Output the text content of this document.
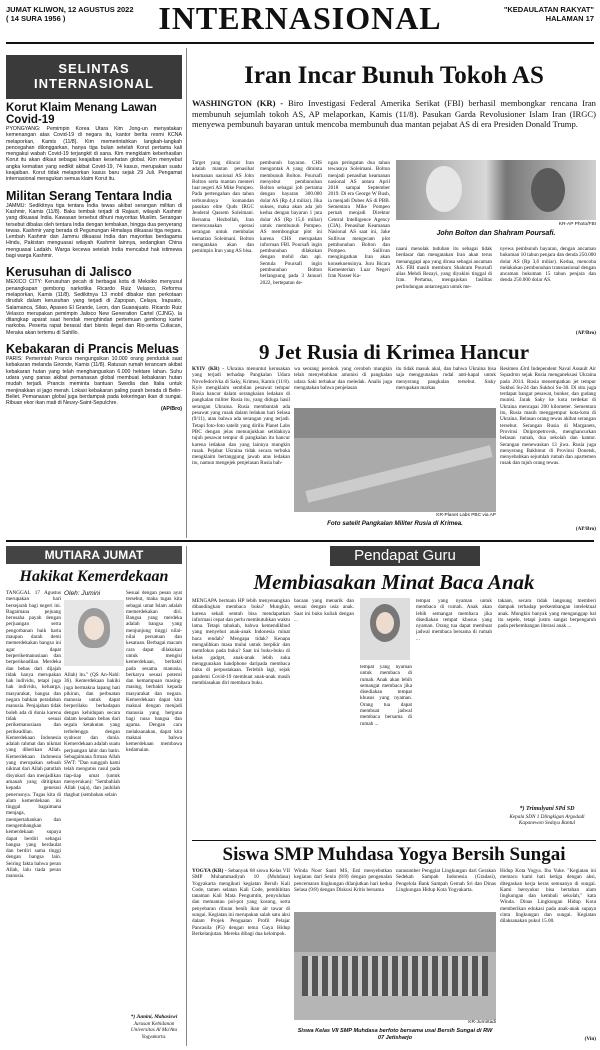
JUMAT KLIWON, 12 AGUSTUS 2022
( 14 SURA 1956 )	INTERNASIONAL	"KEDAULATAN RAKYAT"
HALAMAN 17
SELINTAS
INTERNASIONAL
Korut Klaim Menang Lawan Covid-19
PYONGYANG: Pemimpin Korea Utara Kim Jong-un menyatakan kemenangan atas Covid-19 di negara itu, kantor berita resmi KCNA melaporkan, Kamis (11/8). Kim memerintahkan langkah-langkah pencegahan dilonggarkan, hanya tiga bulan setelah Korut pertama kali mengakui wabah Covid-19 terjangkit di sana. Kim mengklaim keberhasilan Korut itu akan dikaui sebagai keajaiban kesehatan global. Kim menyebut angka kematian yang sedikit akibat Covid-19, 74 kasus, merupakan suatu keajaiban. Korut tidak melaporkan kasus baru sejak 29 Juli. Pengamat internasional meragukan semua klaim Korut itu.
Militan Serang Tentara India
JAMMU: Sedikitnya tiga tentara India tewas akibat serangan militan di Kashmir, Kamis (11/8). Baku tembak terjadi di Rajauri, wilayah Kashmir yang dikuasai India. Kawasan tersebut dihuni mayoritas Muslim. Serangan tersebut dibalas oleh tentara India dengan tembakan, hingga dua penyerang tewas. Kashmir yang berada di Pegunungan Himalaya dikuasai tiga negara. Lembah Kashmir dan Jammu dikuasai India dan mayoritas berdagama Hindu, Pakistan menguasai wilayah Kashmir lainnya, sedangkan China menguasai Ladakh. Warga kecewa setelah India mencabut hak istimewa bagi warga Kashmir.
Kerusuhan di Jalisco
MEXICO CITY: Kerusuhan pecah di berbagai kota di Meksiko menyusul penangkapan gembong narkotika Ricardo Ruiz Velasco, Reforma melaporkan, Kamis (11/8). Sedikitnya 13 mobil dibakar dan perkotaan diruduk dalam kerusuhan yang terjadi di Zapopan, Celaya, Irapuato, Salamanca, Silao, Apaseo El Grande, Leon, dan Guanajuato. Ricardo Ruiz Velasco merupakan pemimpin Jalisco New Generation Cartel (CJNG). Ia ditangkap aparat saat hendak menghindari pertemuan gembong kartel narkoba. Peserta rapat berasal dari bisnis ilegal dan Rio-serta Culiacan, Meraka akan tertemu di Sahillo.
Kebakaran di Prancis Meluas
PARIS: Pemerintah Prancis mengungsikan 10.000 orang penduduk saat kebakaran melanda Gironde, Kamis (11/8). Ratusan rumah terancam akibat kebakaran hutan yang telah menghanguskan 6.000 hektare lahan. Suhu udara yang panas akibat pemanasan global membuat kebakaran hutan mudah terjadi. Prancis meminta bantuan Swedia dan Italia untuk menjinakkan si jago merah. Lokasi kebakaran paling parah berada di Belin-Beliet. Pemanasan global juga berdampak pada kekeringan ikan di sungai. Ribuan ekor ikan mati di Neuvy-Saint-Sepulchre.
(AP/Bro)
Iran Incar Bunuh Tokoh AS
WASHINGTON (KR) - Biro Investigasi Federal Amerika Serikat (FBI) berhasil membongkar rencana Iran membunuh sejumlah tokoh AS, AP melaporkan, Kamis (11/8). Pasukan Garda Revolusioner Islam Iran (IRGC) menyewa pembunuh bayaran untuk mencoba membunuh dua mantan pejabat AS di era Presiden Donald Trump.
Target yang diincar Iran adalah mantan penasihat keamanan nasional AS John Bolton serta mantan menteri luar negeri AS Mike Pompeo. Pada pertengahan dan tahun terbunuhnya komandan pasukan elite Quds IRGC Jenderal Qassem Soleimani. Bersama Hezbollah, Iran merencanakan operasi serangan untuk membalas kematian Soleimani. Bolton mengatakan akan dan pemimpin Iran yang AS bisa.
pembunuh bayaran. CHS mengontak A yang diminta membunuh Bolton. Poursafi menyebut pembunuhan Bolton sebagai job pertama dengan bayaran 300.000 dolar AS (Rp 4,4 miliar). Jika sukses, maka akan ada job kedua dengan bayaran 1 juta dolar AS (Rp 15,6 miliar) untuk membunuh Pompeo. AS membongkar plot ini karena CHS merupakan informan FBI. Poursafi ingin pembunuhan dilakukan dengan mobil dan api. Semula Poursafi ingin pembunuhan Bolton berlangsung pada 3 Januari 2022, bertepatan de-
ngan peringatan dua tahun tewasnya Soleimani. Bolton menjadi penasihat keamanan nasional AS antara April 2018 sampai September 2019. Di era George W Bush, ia menjadi Dubes AS di PBB. Sementara Mike Pompeo pernah menjadi Direktur Central Intelligence Agency (CIA). Penasihat Keamanan Nasional AS saat ini, Jake Sullivan mengecam plot pembunuhan Bolton dan Pompeo. Sullivan mengingatkan Iran akan konsekuensinya. Juru Bicara Kementerian Luar Negeri Iran Nasser Ka-
KR-AP Photo/FBI
John Bolton dan Shahram Poursafi.
naani menolak tuduhan itu sebagai tidak berdasar dan mengatakan Iran akan terus menanggapi apa yang dirasa sebagai ancaman AS. FBI masih memburu Shahram Poursafi alias Mehdi Rezayi, yang diyakini tinggal di Iran. Pertama, mengajukan fasilitas perlindungan antarnegara untuk me-
nyewa pembunuh bayaran, dengan ancaman hukuman 10 tahun penjara dan denda 250.000 dolar AS (Rp 3,6 miliar). Kedua, mencoba melakukan pembunuhan transnasional dengan ancaman hukuman 15 tahun penjara dan denda 250.000 dolar AS.
(AP/Bro)
9 Jet Rusia di Krimea Hancur
KYIV (KR) - Ukraina menuntut kerusakan yang terjadi terhadap Pangkalan Udara Novofedorivka di Saky, Krimea, Kamis (11/8). Kyiv mengklaim sembilan pesawat tempur Rusia hancur dalam serangkaian ledakan di pangkalan militer Rusia itu, yang diduga hasil serangan Ukraina. Rusia membantah ada pesawat yang rusak dalam ledakan hari Selasa (9/11), atau bahwa ada serangan yang terjadi. Tetapi foto-foto satelit yang dirilis Planet Labs PBC dengan jelas menunjukkan setidaknya tujuh pesawat tempur di pangkalan itu hancur karena ledakan dan yang lainnya mungkin rusak. Pejabat Ukraina tidak secara terbuka mengklaim bertanggung jawab atas ledakan itu, namun mengejek penjelasan Rusia bah-
wa seorang perokok yang ceroboh mungkin telah menyebabkan amunisi di pangkalan udara Saki terbakar dan meledak. Analis juga mengatakan bahwa penjelasan
itu tidak masuk akal, dan bahwa Ukraina bisa saja menggunakan rudal anti-kapal untuk menyerang pangkalan tersebut. Sisky merupakan markas
KR-Planet Labs PBC via AP
Foto satelit Pangkalan Militer Rusia di Krimea.
Resimen 43rd Independent Naval Assault Air Squadron sejak Rusia menganeksasi Ukraina pada 2014. Rusia menempatkan jet tempur Sukhoi Su-24 dan Sukhoi Su-30. Di situ juga terdapat bangar pesawat, bunker, dan gudang munisi. Jarak Saky ke kota terdekat di Ukraina mencapai 200 kilometer. Sementara itu, Rusia masih menggempur kota-kota di Ukraina. Belasan orang tewas akibat serangan tersebut. Serangan Rusia di Marganets, Provinsi Dnipropetrovsk, menghancurkan belasan rumah, dua sekolah dan kantor. Serangan menewaskan 13 jiwa. Rusia juga menyerang Bakhmut di Provinsi Donetsk, menyebabkan sejumlah rumah dan apartemen rusak dan tujuh orang tewas.
(AP/Bro)
MUTIARA JUMAT
Hakikat Kemerdekaan
TANGGAL 17 Agustus merupakan hari bersejarah bagi negeri ini. Bagaimana pejuang berusaha payah dengan perjuangan serta pengorbanan baik harta maupun darah demi memerdekakan bangsa ini agar dapat berperikemanusiaan dan berperikeadilan. Merdeka dan bebas dari dijajah tidak hanya merupakan hak individu, tetapi juga hak individu, keluarga, masyarakat, bangsa dan negara bahkan peradaban manusia. Penjajahan tidak boleh ada di dunia karena tidak sesuai perikemanusiaan dan perikeadilan. Kemerdekaan Indonesia adalah rahmat dan nikmat yang diberikan Allah. Kemerdekaan Indonesia yang merupakan sebuah nikmat dari Allah patutlah disyukuri dan menjadikan amanah yang dititipkan kepada generasi penerusnya. Tugas kita di alam kemerdekaan ini tinggal bagaimana menjaga, mempertahankan dan mengembangkan kemerdekaan supaya dapat berdiri sebagai bangsa yang berdaulat dan berdiri sama tinggi dengan bangsa lain. Seiring fakta bahwa peran Allah, lalu tiada peran manusia.
Oleh: Jumini
Allah) itu." (QS An-Nahl: 36). Kemerdekaan hakiki juga bermakna lapang hati pikiran, dan perbuatan manusia untuk dapat berperilaku berhadapan dengan kehidupan secara dalam keadaan bebas dari segala ketakutan yang terbelenggu dengan syahwat dan dunia. Kemerdekaan adalah suatu perjuangan lahir dan batin. Sebagaimana firman Allah SWT: "Dan sungguh kami telah mengutus rasul pada tiap-tiap umat (untuk menyerukan): "Sembahlah Allah (saja), dan jauhilah thaghut (sembahan selain
Sesuai dengan pesan ayat tersebut, maka tugas kita sebagai umat Islam adalah memerdekakan diri. Bangsa yang merdeka adalah bangsa yang menjunjung tinggi nilai-nilai persatuan dan kesatuan. Berbagai macam cara dapat dilakukan untuk mengisi kemerdekaan, berbakti pada sesama manusia, berkarya sesuai potensi dan kemampuan masing-masing, berbakti kepada masyarakat dan negara. Kemerdekaan dapat kita maknai dengan menjadi manusia yang berguna bagi nusa bangsa dan agama. Dengan cara melaksanakan, dapat kita maknai bahwa kemerdekaan membawa kedamaian.
*) Jumini, Mahasiswi
Jurusan Kebidanan Universitas Al Ma'Ata Yogyakarta.
Pendapat Guru
Membiasakan Minat Baca Anak
MENGAPA bermain HP lebih menyenangkan dibandingkan membaca buku? Mungkin, karena sekali sentuh bisa mendapatkan informasi cepat dan perlu membutuhkan waktu lama. Tetapi tahukah, bahwa kemendikbud yang menyebut anak-anak Indonesia minat baca rendah? Mengapa tidak? Kenapa mengalihkan masa mulai untuk berpikir dan memfokus pada buku? Saat ini buku-buku di kelas gadget, anak-anak lebih suka menggunakan handphone daripada membaca buku di perpustakaan. Terlebih lagi, sejak pandemi Covid-19 membuat anak-anak masih membiasakan diri membaca buku.
bacaan yang menarik dan sesuai dengan usia anak. Saat ini buku kuliah dengan ...
tempat yang nyaman untuk membaca di rumah. Anak akan lebih semangat membaca jika disediakan tempat khusus yang nyaman. Orang tua dapat membuat jadwal membaca bersama di rumah ...
tempat yang nyaman untuk membaca di rumah. Anak akan lebih semangat membaca jika disediakan tempat khusus yang nyaman. Orang tua dapat membuat jadwal membaca bersama di rumah ...
takaan, secara tidak langsung memberi dampak terhadap perkembangan intelektual anak. Mungkin banyak yang menganggap hal itu sepele, tetapi justru sangat berpengaruh pada perkembangan literasi anak ...
*) Trimulyani SPd SD
Kepala SDN 1 Dlingkigan Argodadi Kapanewon Sedayu Bantul
Siswa SMP Muhdasa Yogya Bersih Sungai
YOGYA (KR) - Sebanyak 68 siswa Kelas VII SMP Muhammadiyah 10 (Muhdasa) Yogyakarta mengikuti kegiatan Bersih Kali Code, tamen selatan Kali Code, pembibitan tanaman Kali Mata Pengumtin, penyuluhan dan memantau pol-pot yang kosong, serta penyebaran ribuan benih ikan air tawar di sungai. Kegiatan ini merupakan salah satu aksi dalam Projek Penguatan Profil Pelajar Pancasila (P5) dengan tema Gaya Hidup Berkelanjutan. Mereka dibagi dua kelompok.
Winda Noor Santi MS, Esti menyebutkan kegiatan dari Senin (8/8) dengan pengenalan pencemaran lingkungan dilanjutkan hari kedua Selasa (9/8) dengan Diskusi Kritis bersama
narasumber Penggiat Lingkungan dari Gerakan Sedekah Sampah Indonesia (Gradasi), Pengelola Bank Sampah Gemah Sri dan Dinas Lingkungan Hidup Kota Yogyakarta.
KR-Jumirtadi
Siswa Kelas VII SMP Muhdasa berfoto bersama usai Bersih Sungai di RW 07 Jetisharjo
Hidup Kota Yogya. Ibu Yuke. "Kegiatan ini memacu kami hati ketiga dengan aksi, ditegaskan kerja keras semuanya di sungai. Kami bersyukur bisa bertahan alam lingkungan dan kembali sekolah," kata Winda. Dinas Lingkungan Hidup Kota memberikan edukasi pada anak-anak supaya cinta lingkungan dan sungai. Kegiatan dilaksanakan pukul 15.00.
(Vin)
